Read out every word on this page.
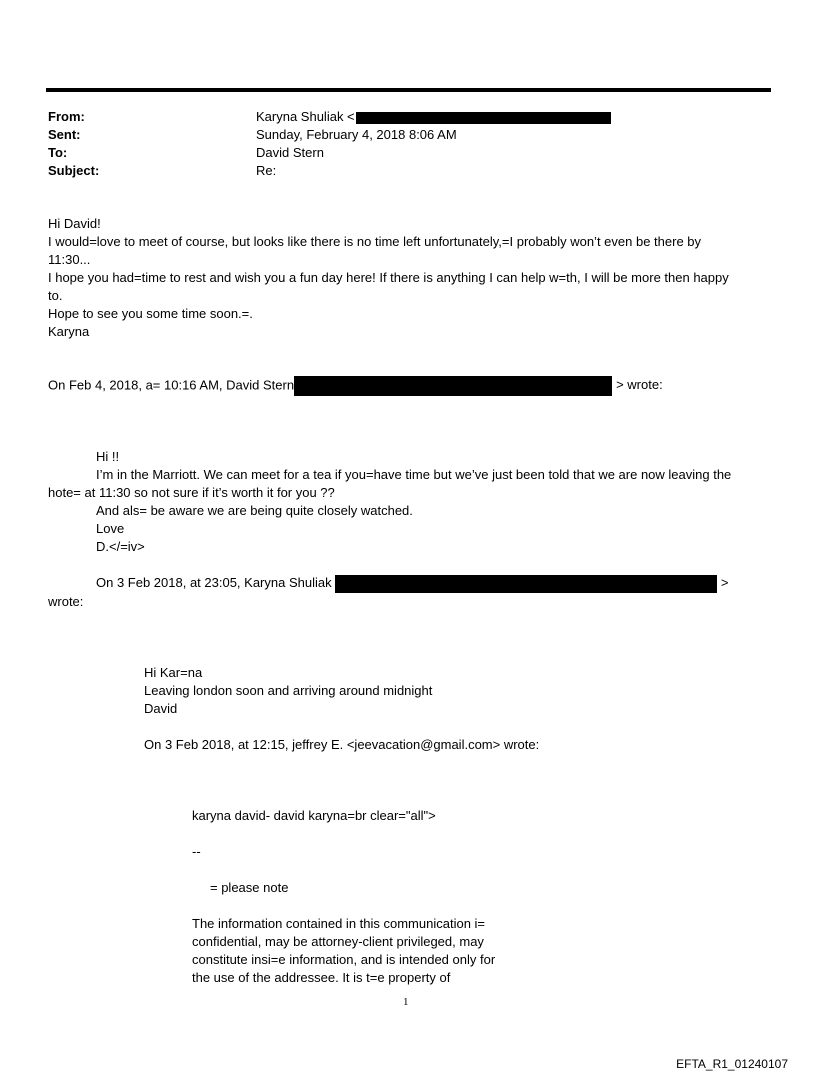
From:	Karyna Shuliak <
Sent:	Sunday, February 4, 2018 8:06 AM
To:	David Stern
Subject:	Re:
Hi David!
I would=love to meet of course, but looks like there is no time left unfortunately,=I probably won’t even be there by
11:30...
I hope you had=time to rest and wish you a fun day here! If there is anything I can help w=th, I will be more then happy
to.
Hope to see you some time soon.=.
Karyna
On Feb 4, 2018, a= 10:16 AM, David Stern	> wrote:
Hi !!
I’m in the Marriott. We can meet for a tea if you=have time but we’ve just been told that we are now leaving the
hote= at 11:30 so not sure if it’s worth it for you ??
And als= be aware we are being quite closely watched.
Love
D.</=iv>
On 3 Feb 2018, at 23:05, Karyna Shuliak	>
wrote:
Hi Kar=na
Leaving london soon and arriving around midnight
David
On 3 Feb 2018, at 12:15, jeffrey E. <jeevacation@gmail.com> wrote:
karyna david- david karyna=br clear="all">
--
= please note
The information contained in this communication i=
confidential, may be attorney-client privileged, may
constitute insi=e information, and is intended only for
the use of the addressee. It is t=e property of
1
EFTA_R1_01240107
